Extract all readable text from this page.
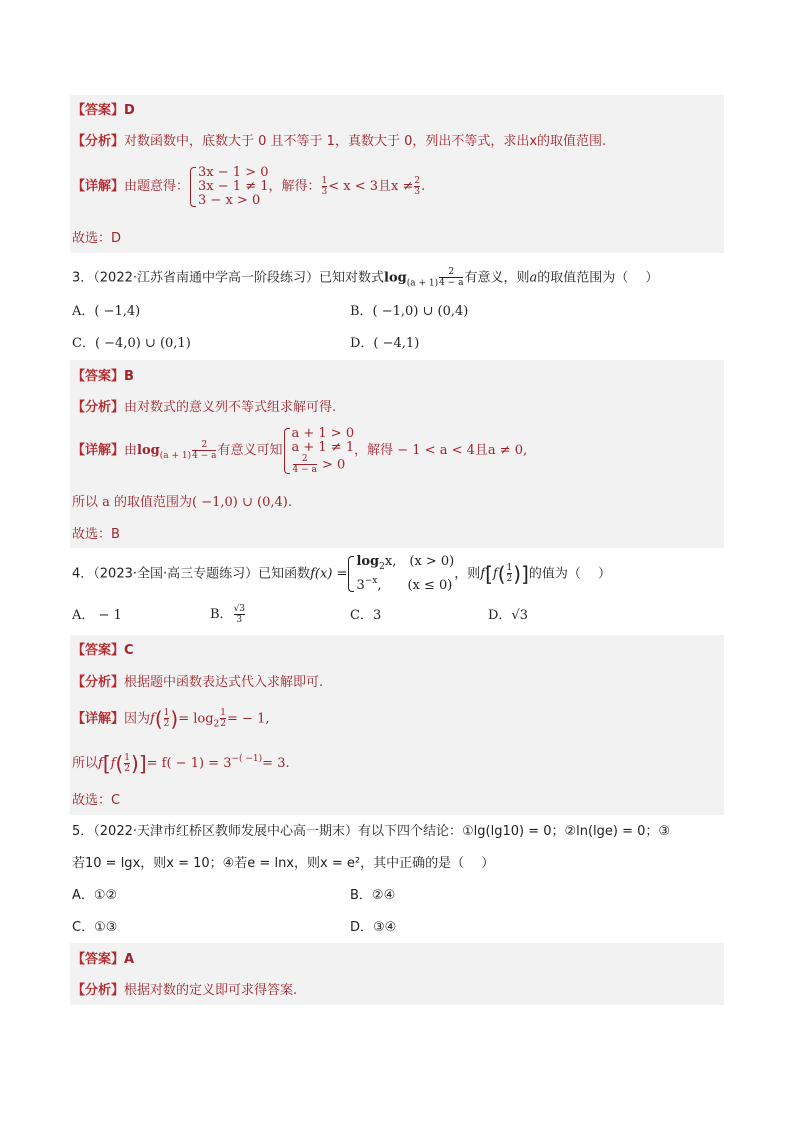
【答案】D
【分析】对数函数中，底数大于 0 且不等于 1，真数大于 0，列出不等式，求出x的取值范围.
【详解】由题意得：
3x − 1 > 0
3x − 1 ≠ 1
3 − x > 0
，解得： $\frac{1}{3} < x < 3$且$x \ne \frac{2}{3}$ .
故选：D
3．（2022·江苏省南通中学高一阶段练习）已知对数式$\log_{(a + 1)} \frac{2}{4 - a}$ 有意义，则a的取值范围为（　 ）
A．( −1,4)	B．( −1,0) ∪ (0,4)
C．( −4,0) ∪ (0,1)	D．( −4,1)
【答案】B
【分析】由对数式的意义列不等式组求解可得.
【详解】由$\log_{(a + 1)} \frac{2}{4 - a}$ 有意义可知
a + 1 > 0
a + 1 ≠ 1
$\frac{2}{4 - a} > 0$
，解得 − 1 < a < 4且a ≠ 0,
所以 a 的取值范围为( −1,0) ∪ (0,4).
故选：B
4．（2023·全国·高三专题练习）已知函数f(x) =
$\log_2x$,　(x > 0)
$3^{-x}$,　　(x ≤ 0)
，则$f[f( \frac{1}{2}$ )]的值为（　 ）
A． − 1	B． $\frac{√3}{3}$	C．3	D．√3
【答案】C
【分析】根据题中函数表达式代入求解即可.
【详解】因为$f( \frac{1}{2}$ )= $\log_2 \frac{1}{2}$ = − 1,
所以$f[f( \frac{1}{2}$ )]= $f( - 1) = 3^{-( -1)}= 3$.
故选：C
5．（2022·天津市红桥区教师发展中心高一期末）有以下四个结论：①lg(lg10) = 0；②ln(lge) = 0；③
若10 = lgx，则x = 10；④若e = lnx，则x = e²，其中正确的是（　 ）
A．①②	B．②④
C．①③	D．③④
【答案】A
【分析】根据对数的定义即可求得答案.
